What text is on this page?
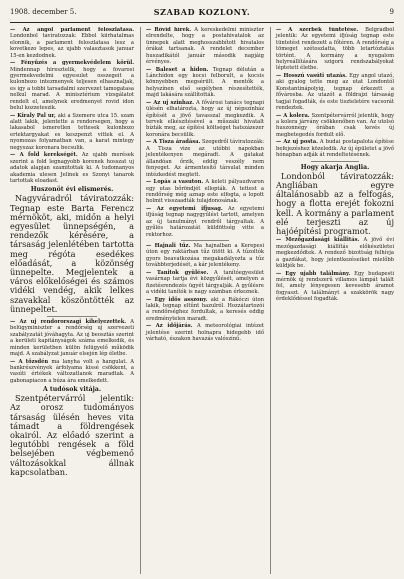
1908. december 5.	SZABAD KOZLONY.	9

— Az angol parlament feloszlatasa. Londonbol taviratozzak: Ebbol kiirhatalmas elonnik, a parlament feloszlatasa lesz a kovetkezo lepes, az ujabb valasztasok januar 15-en kezdodnek.

— Fényűzés a gyermekvédelem körül. Mindennap hiresztelik, hogy a fovarosi gyermekvedelmi egyesulet osszegeit a kulonbozo intezmenyek teljesen elhasznaljak, es igy a tobbi tarsadalmi szervezet tamogatasa nelkul marad. A minisztérium vizsgálatot rendelt el, amelynek eredmenyet rovid idon belul kozzeteszik.

— Kiraly Pal ur, aki a Szemere utca 15. szam alatt lakik, jelentette a rendorsegen, hogy a lakasabol ismeretlen tettesek kulonbozo ertektargyakat es keszpenzt vittek el. A nyomozas folyamatban van, a karat mintegy negyszaz koronara becsulik.

— A fold kerekségét. Az ujabb merések szerint a fold legnagyobb korenek hosszat uj adatok alapjan szamitottak ki. A tudomanyos akademia ulesen Jelinek es Szonyi tanarok tartottak eloadast.

Huszonöt évi elismerés.

Nagyváradról táviratozzák: Tegnap este Barta Ferencz mérnököt, aki, midőn a helyi egyesület ünnepségén, a rendezők kérésére, a társaság jelenlétében tartotta meg régóta esedékes előadását, a közönség ünnepelte. Megjelentek a város előkelőségei és számos vidéki vendég, akik lelkes szavakkal köszöntötték az ünnepeltet.

— Az uj rendororszagi kihelyezettek. A belügyminiszter a rendőrség uj szervezeti szabályzatát jóváhagyta. Az uj beosztás szerint a kerületi kapitányságok száma emelkedik, és minden kerületben külön felügyelő működik majd. A szabályzat január elsején lép életbe.

— A tőzsdén ma lanyha volt a hangulat. A bankrészvények árfolyama kissé csökkent, a vasúti értékek változatlanok maradtak. A gabonapiacon a búza ára emelkedett.

A tudósok vitája.

Szentpétervárról jelentik: Az orosz tudományos társaság ülésén heves vita támadt a földrengések okairól. Az előadó szerint a legutóbbi rengések a föld belsejében végbemenő változásokkal állnak kapcsolatban.

— Rövid hírek. A kereskedelmi miniszter elrendelte, hogy a postahivatalok az ünnepek alatt meghosszabbított hivatalos órákat tartsanak. A rendelet december huszadikától január második napjáig érvényes.

— Baleset a hidon. Tegnap délután a Lánchídon egy kocsi felborult, a kocsis könnyebben megsérült. A mentők a helyszínen első segélyben részesítették, majd lakására szállították.

— Az uj szinhaz. A fővárosi tanács tegnapi ülésén elhatározta, hogy az új népszínház építését a jövő tavasszal megkezdik. A tervek elkészítésével a műszaki hivatalt bízták meg, az építési költséget hatszázezer koronára becsülik.

— A Tisza áradása. Szegedről táviratozzák: A Tisza vize az utóbbi napokban jelentékenyen megáradt. A gátakat állandóan őrzik, eddig veszély nem fenyeget. Az ármentesítő társulat minden intézkedést megtett.

— Lopás a vasuton. A keleti pályaudvaron egy utas bőröndjét ellopták. A tettest a rendőrség még aznap este elfogta, a lopott holmit visszaadták tulajdonosának.

— Az egyetemi ifjusag. Az egyetemi ifjúság tegnap nagygyűlést tartott, amelyen az új tanulmányi rendről tárgyaltak. A gyűlés határozatát küldöttség vitte a rektorhoz.

— Hajnali tűz. Ma hajnalban a Kerepesi úton egy raktárban tűz ütött ki. A tűzoltók gyors beavatkozása megakadályozta a tűz továbbterjedését, a kár jelentékeny.

— Tanitok gyülése. A tanítóegyesület vasárnap tartja évi közgyűlését, amelyen a fizetésrendezés ügyét tárgyalják. A gyűlésre a vidéki tanítók is nagy számban érkeznek.

— Egy idős asszony. aki a Rákóczi úton lakik, tegnap eltűnt hazulról. Hozzátartozói a rendőrséghez fordultak, a keresés eddig eredménytelen maradt.

— Az időjárás. A meteorológiai intézet jelentése szerint holnapra hidegebb idő várható, északon havazás valószínű.

— A szerbek tüntetése. Belgrádból jelentik: Az egyetemi ifjúság tegnap este tüntetést rendezett a főtéren. A rendőrség a tömeget szétoszlatta, több letartóztatás történt. A kormány a nyugalom helyreállítására szigorú rendszabályokat léptetett életbe.

— Hosszú vasúti utazás. Egy angol utazó, aki gyalog tette meg az utat Londontól Konstantinápolyig, tegnap érkezett a fővárosba. Az utazót a földrajzi társaság tagjai fogadták, és este tiszteletére vacsorát rendeztek.

— A kolera. Szentpétervárról jelentik, hogy a kolera járvány csökkenőben van. Az utolsó huszonnégy órában csak kevés új megbetegedés fordult elő.

— Az uj posta. A budai postapalota építése befejezéshez közeledik. Az új épületet a jövő hónapban adják át rendeltetésének.

Hogy akarja Anglia.

Londonból táviratozzák: Angliában egyre általánosabb az a felfogás, hogy a flotta erejét fokozni kell. A kormány a parlament elé terjeszti az új hajóépítési programot.

— Mezőgazdasági kiállitás. A jövő évi mezőgazdasági kiállítás előkészületei megkezdődtek. A rendező bizottság felhívja a gazdákat, hogy jelentkezéseiket mielőbb küldjék be.

— Egy ujabb találmány. Egy budapesti mérnök új rendszerű villamos lámpát talált fel, amely lényegesen kevesebb áramot fogyaszt. A találmányt a szakkörök nagy érdeklődéssel fogadták.
